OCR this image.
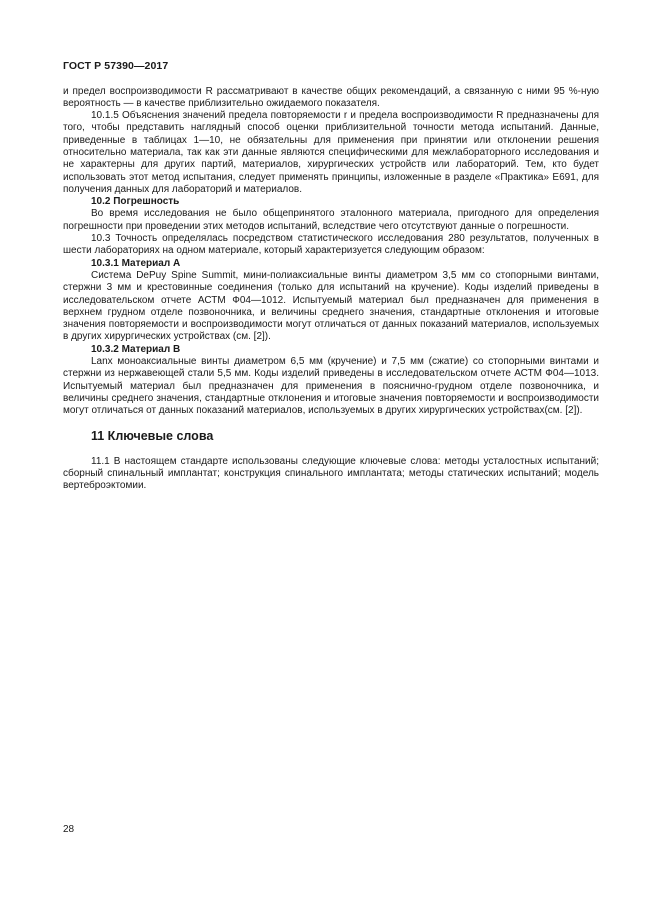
ГОСТ Р 57390—2017

и предел воспроизводимости R рассматривают в качестве общих рекомендаций, а связанную с ними 95 %-ную вероятность — в качестве приблизительно ожидаемого показателя.

10.1.5 Объяснения значений предела повторяемости r и предела воспроизводимости R предназначены для того, чтобы представить наглядный способ оценки приблизительной точности метода испытаний. Данные, приведенные в таблицах 1—10, не обязательны для применения при принятии или отклонении решения относительно материала, так как эти данные являются специфическими для межлабораторного исследования и не характерны для других партий, материалов, хирургических устройств или лабораторий. Тем, кто будет использовать этот метод испытания, следует применять принципы, изложенные в разделе «Практика» Е691, для получения данных для лабораторий и материалов.

10.2 Погрешность

Во время исследования не было общепринятого эталонного материала, пригодного для определения погрешности при проведении этих методов испытаний, вследствие чего отсутствуют данные о погрешности.

10.3 Точность определялась посредством статистического исследования 280 результатов, полученных в шести лабораториях на одном материале, который характеризуется следующим образом:

10.3.1 Материал А

Система DePuy Spine Summit, мини-полиаксиальные винты диаметром 3,5 мм со стопорными винтами, стержни 3 мм и крестовинные соединения (только для испытаний на кручение). Коды изделий приведены в исследовательском отчете АСТМ Ф04—1012. Испытуемый материал был предназначен для применения в верхнем грудном отделе позвоночника, и величины среднего значения, стандартные отклонения и итоговые значения повторяемости и воспроизводимости могут отличаться от данных показаний материалов, используемых в других хирургических устройствах (см. [2]).

10.3.2 Материал В

Lanx моноаксиальные винты диаметром 6,5 мм (кручение) и 7,5 мм (сжатие) со стопорными винтами и стержни из нержавеющей стали 5,5 мм. Коды изделий приведены в исследовательском отчете АСТМ Ф04—1013. Испытуемый материал был предназначен для применения в пояснично-грудном отделе позвоночника, и величины среднего значения, стандартные отклонения и итоговые значения повторяемости и воспроизводимости могут отличаться от данных показаний материалов, используемых в других хирургических устройствах(см. [2]).

11 Ключевые слова

11.1 В настоящем стандарте использованы следующие ключевые слова: методы усталостных испытаний; сборный спинальный имплантат; конструкция спинального имплантата; методы статических испытаний; модель вертеброэктомии.

28
